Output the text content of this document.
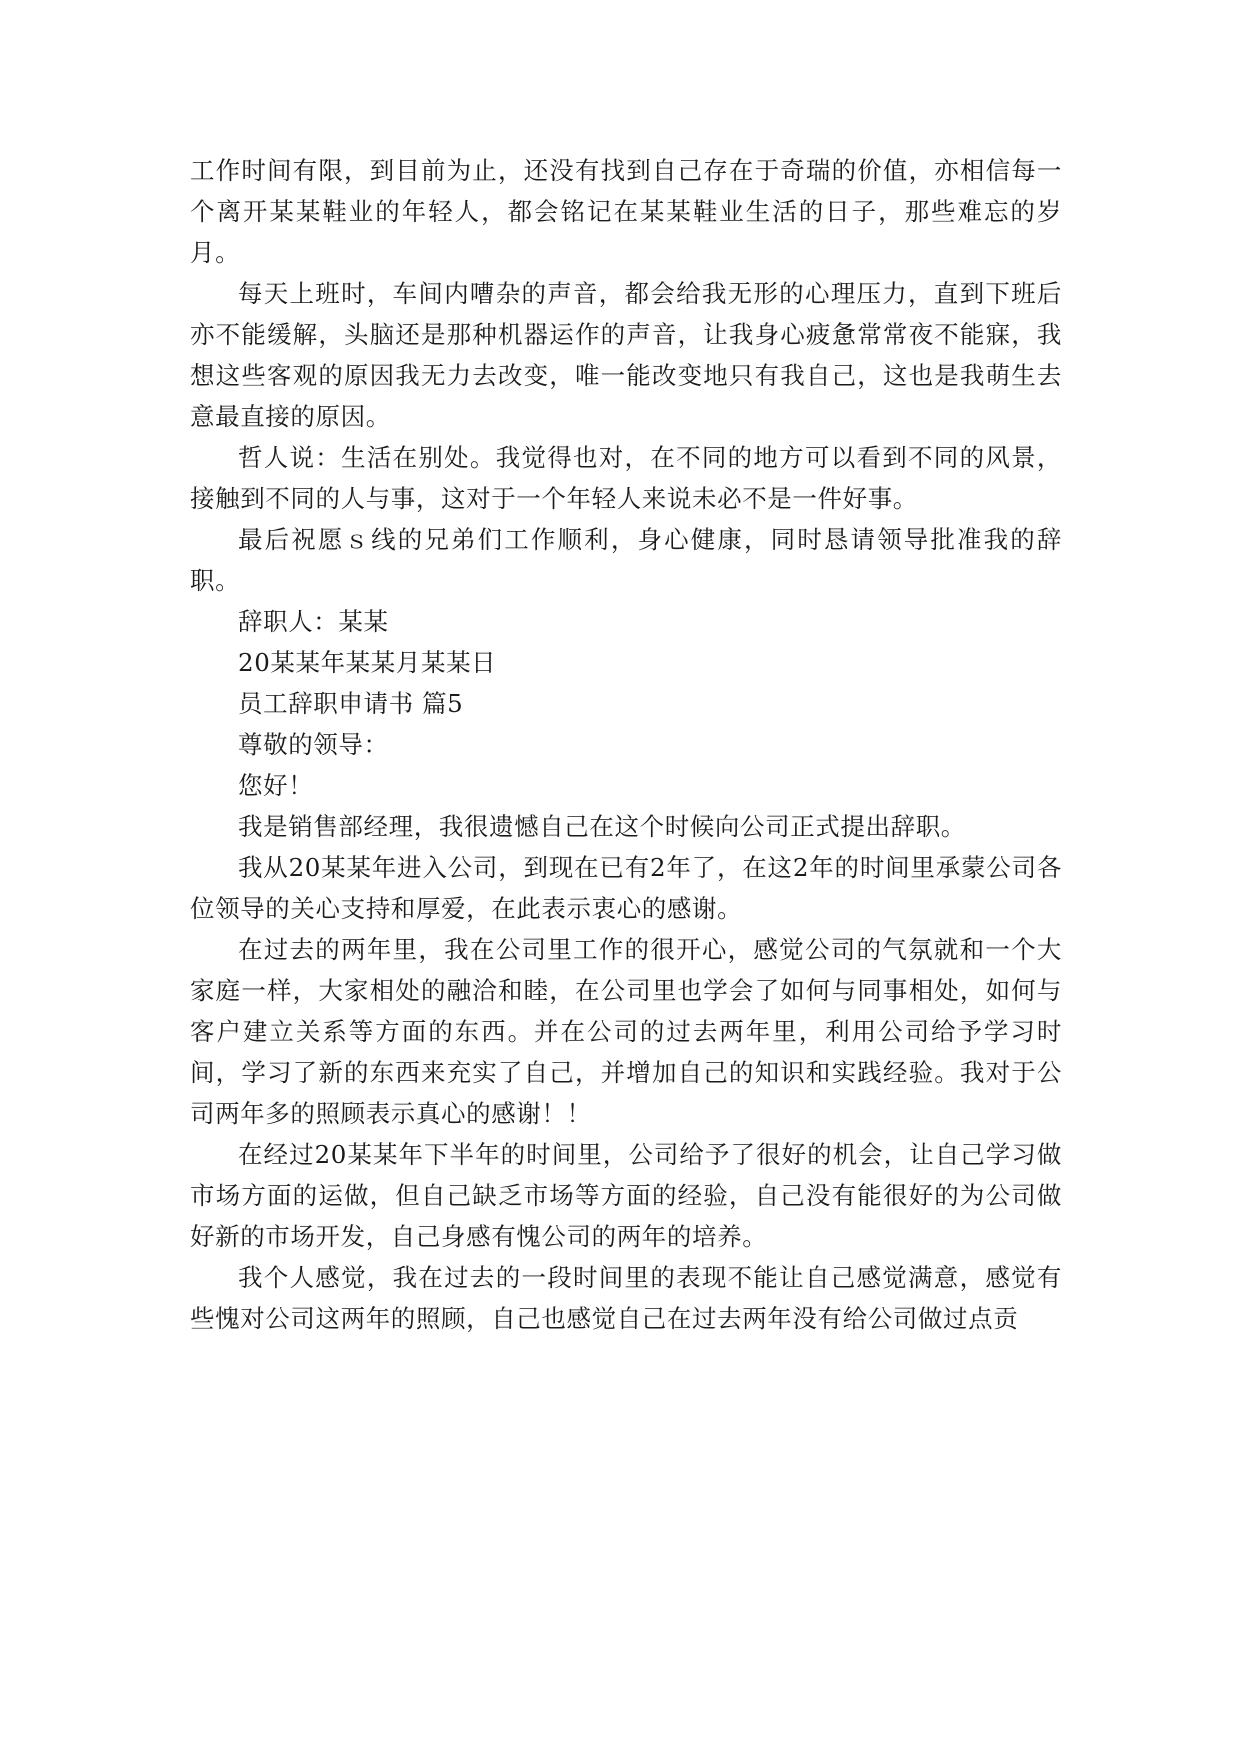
工作时间有限，到目前为止，还没有找到自己存在于奇瑞的价值，亦相信每一个离开某某鞋业的年轻人，都会铭记在某某鞋业生活的日子，那些难忘的岁月。

每天上班时，车间内嘈杂的声音，都会给我无形的心理压力，直到下班后亦不能缓解，头脑还是那种机器运作的声音，让我身心疲惫常常夜不能寐，我想这些客观的原因我无力去改变，唯一能改变地只有我自己，这也是我萌生去意最直接的原因。

哲人说：生活在别处。我觉得也对，在不同的地方可以看到不同的风景，接触到不同的人与事，这对于一个年轻人来说未必不是一件好事。

最后祝愿ｓ线的兄弟们工作顺利，身心健康，同时恳请领导批准我的辞职。

辞职人：某某

20某某年某某月某某日

员工辞职申请书 篇5

尊敬的领导：

您好！

我是销售部经理，我很遗憾自己在这个时候向公司正式提出辞职。

我从20某某年进入公司，到现在已有2年了，在这2年的时间里承蒙公司各位领导的关心支持和厚爱，在此表示衷心的感谢。

在过去的两年里，我在公司里工作的很开心，感觉公司的气氛就和一个大家庭一样，大家相处的融洽和睦，在公司里也学会了如何与同事相处，如何与客户建立关系等方面的东西。并在公司的过去两年里，利用公司给予学习时间，学习了新的东西来充实了自己，并增加自己的知识和实践经验。我对于公司两年多的照顾表示真心的感谢！！

在经过20某某年下半年的时间里，公司给予了很好的机会，让自己学习做市场方面的运做，但自己缺乏市场等方面的经验，自己没有能很好的为公司做好新的市场开发，自己身感有愧公司的两年的培养。

我个人感觉，我在过去的一段时间里的表现不能让自己感觉满意，感觉有些愧对公司这两年的照顾，自己也感觉自己在过去两年没有给公司做过点贡
